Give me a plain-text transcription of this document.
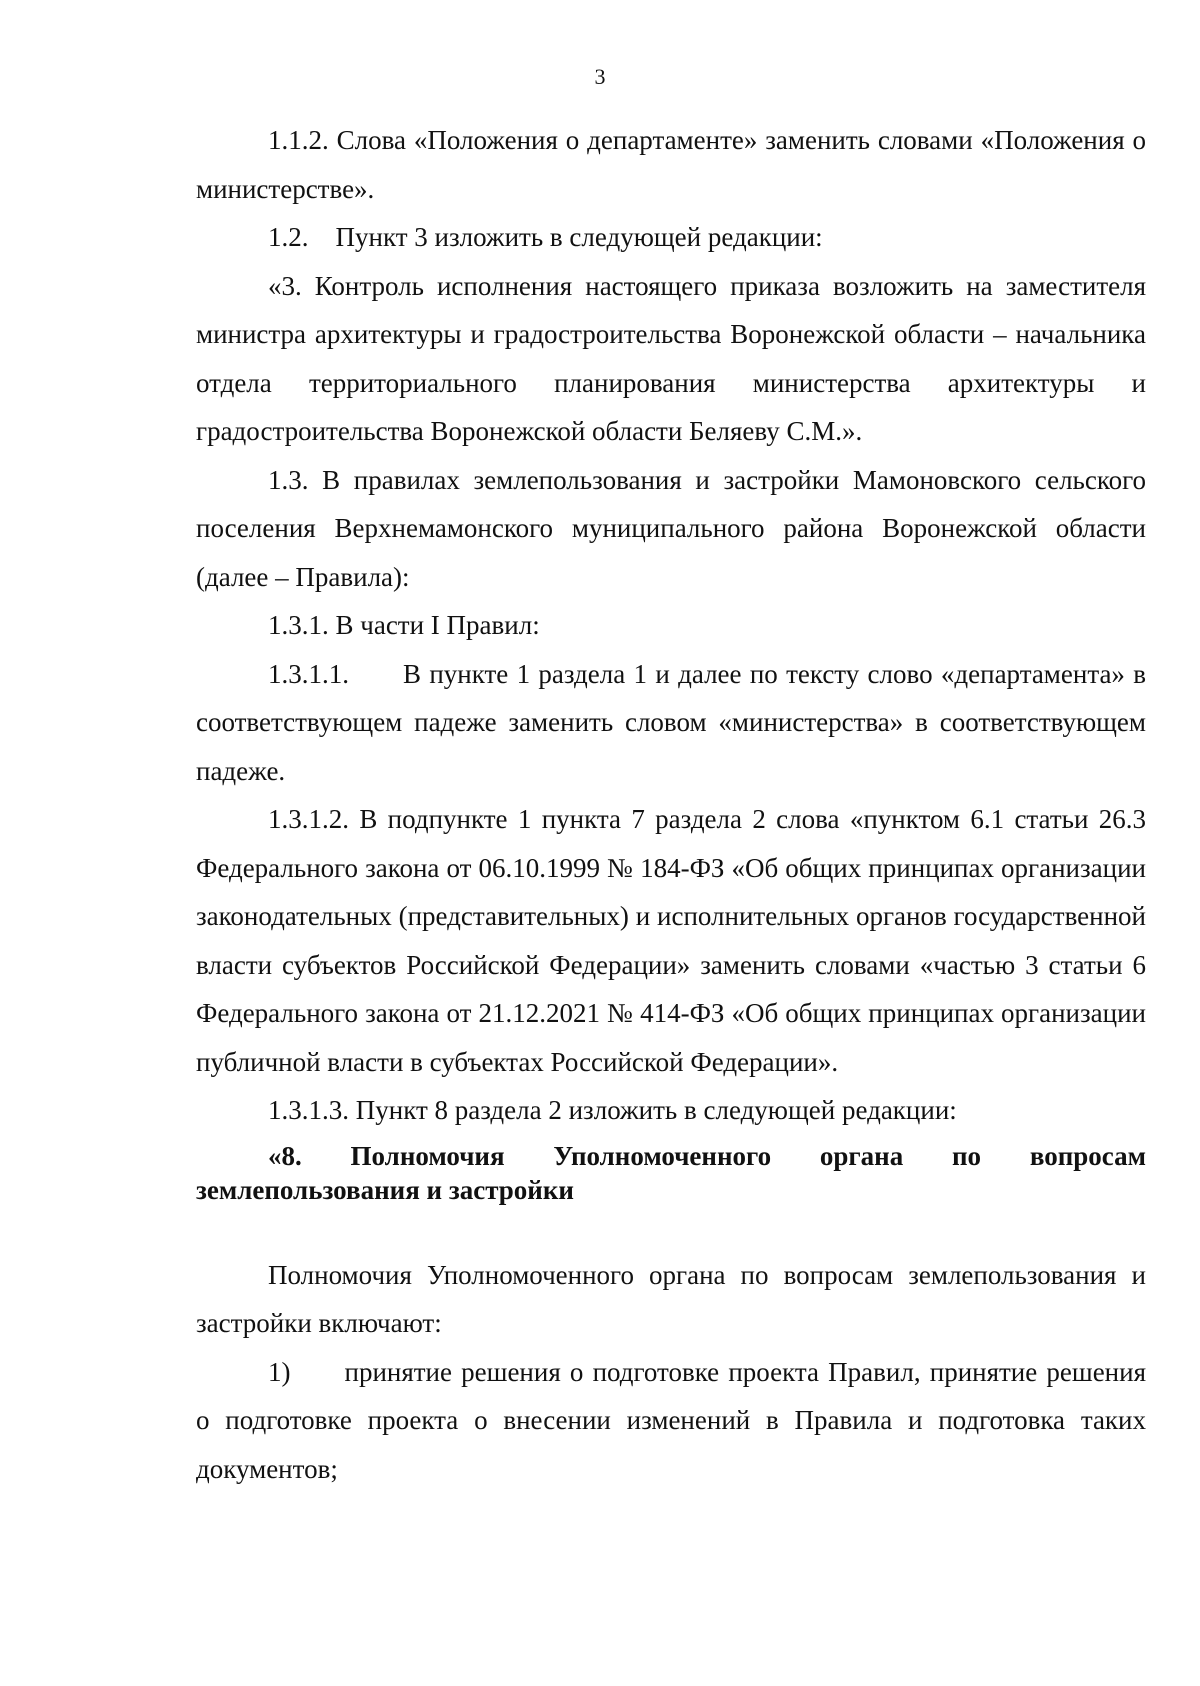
3

1.1.2. Слова «Положения о департаменте» заменить словами «Положения о министерстве».

1.2. Пункт 3 изложить в следующей редакции:

«3. Контроль исполнения настоящего приказа возложить на заместителя министра архитектуры и градостроительства Воронежской области – начальника отдела территориального планирования министерства архитектуры и градостроительства Воронежской области Беляеву С.М.».

1.3. В правилах землепользования и застройки Мамоновского сельского поселения Верхнемамонского муниципального района Воронежской области (далее – Правила):

1.3.1. В части I Правил:

1.3.1.1.  В пункте 1 раздела 1 и далее по тексту слово «департамента» в соответствующем падеже заменить словом «министерства» в соответствующем падеже.

1.3.1.2. В подпункте 1 пункта 7 раздела 2 слова «пунктом 6.1 статьи 26.3 Федерального закона от 06.10.1999 № 184-ФЗ «Об общих принципах организации законодательных (представительных) и исполнительных органов государственной власти субъектов Российской Федерации» заменить словами «частью 3 статьи 6 Федерального закона от 21.12.2021 № 414-ФЗ «Об общих принципах организации публичной власти в субъектах Российской Федерации».

1.3.1.3. Пункт 8 раздела 2 изложить в следующей редакции:

«8. Полномочия Уполномоченного органа по вопросам землепользования и застройки

Полномочия Уполномоченного органа по вопросам землепользования и застройки включают:

1)  принятие решения о подготовке проекта Правил, принятие решения о подготовке проекта о внесении изменений в Правила и подготовка таких документов;
